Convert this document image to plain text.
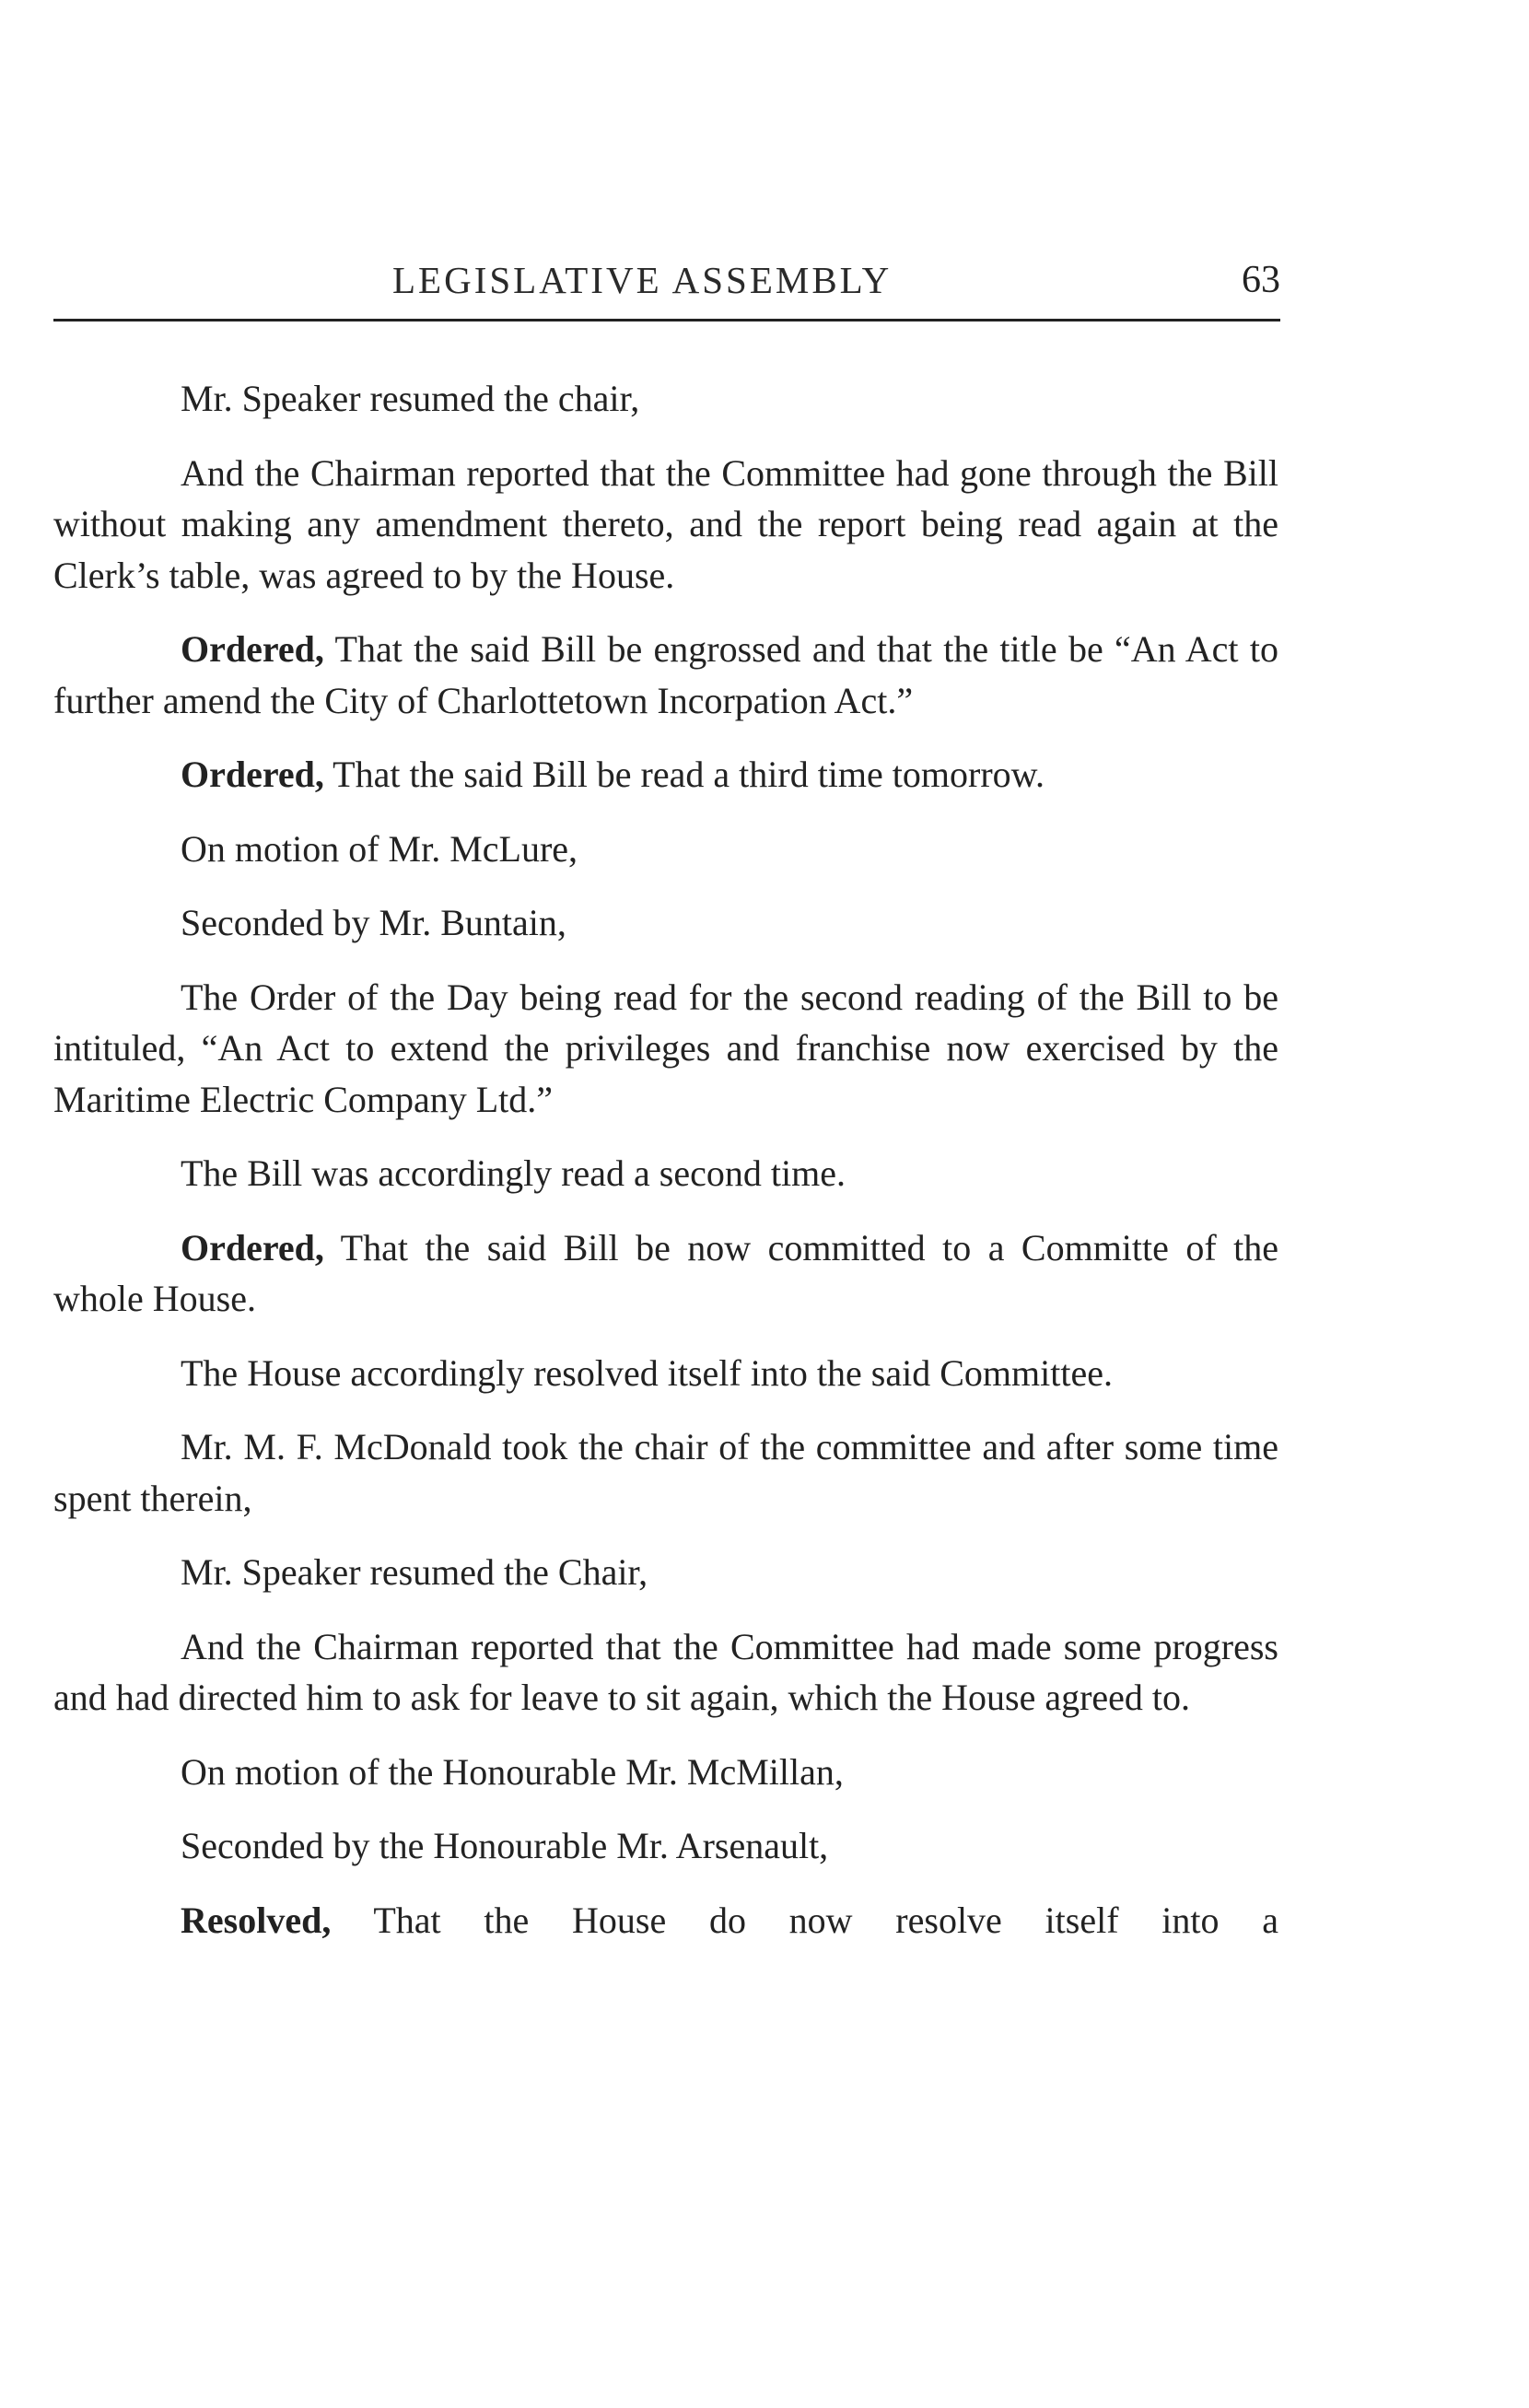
LEGISLATIVE ASSEMBLY	63

Mr. Speaker resumed the chair,

And the Chairman reported that the Committee had gone through the Bill without making any amendment thereto, and the report being read again at the Clerk’s table, was agreed to by the House.

Ordered, That the said Bill be engrossed and that the title be “An Act to further amend the City of Charlottetown Incorpation Act.”

Ordered, That the said Bill be read a third time tomorrow.

On motion of Mr. McLure,

Seconded by Mr. Buntain,

The Order of the Day being read for the second reading of the Bill to be intituled, “An Act to extend the privileges and franchise now exercised by the Maritime Electric Company Ltd.”

The Bill was accordingly read a second time.

Ordered, That the said Bill be now committed to a Committe of the whole House.

The House accordingly resolved itself into the said Committee.

Mr. M. F. McDonald took the chair of the committee and after some time spent therein,

Mr. Speaker resumed the Chair,

And the Chairman reported that the Committee had made some progress and had directed him to ask for leave to sit again, which the House agreed to.

On motion of the Honourable Mr. McMillan,

Seconded by the Honourable Mr. Arsenault,

Resolved, That the House do now resolve itself into a
